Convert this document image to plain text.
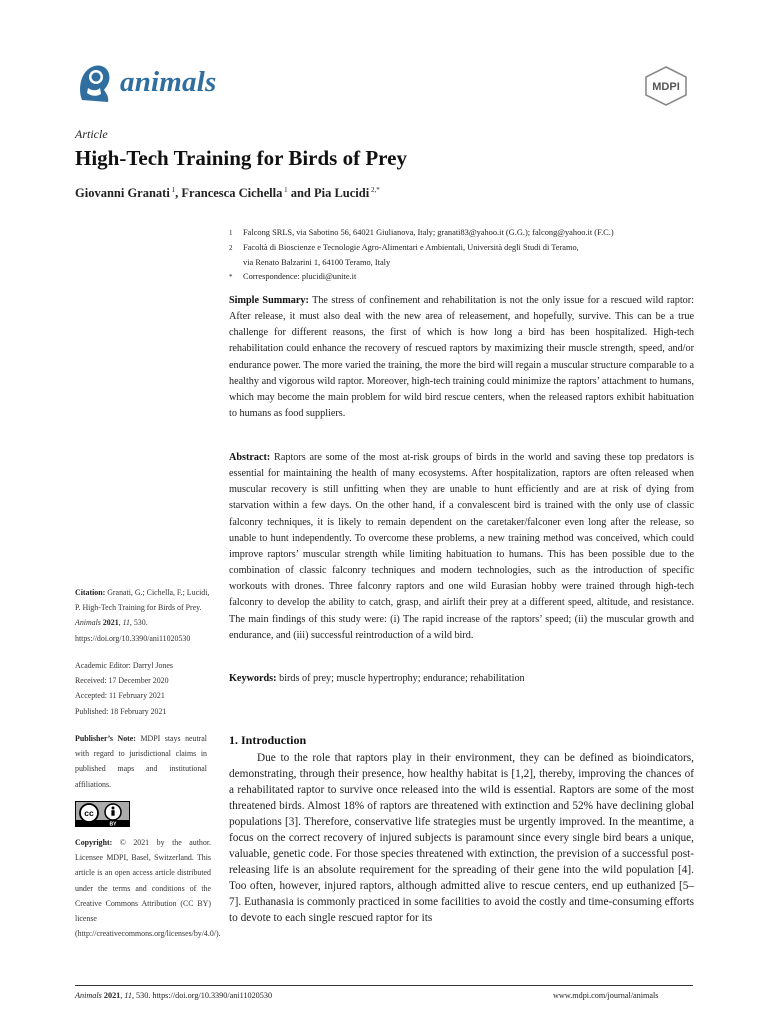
animals	MDPI
Article
High-Tech Training for Birds of Prey
Giovanni Granati $^1$, Francesca Cichella $^1$ and Pia Lucidi $^{2,*}$
1	Falcong SRLS, via Sabotino 56, 64021 Giulianova, Italy; granati83@yahoo.it (G.G.); falcong@yahoo.it (F.C.)
2	Facoltà di Bioscienze e Tecnologie Agro-Alimentari e Ambientali, Università degli Studi di Teramo,
via Renato Balzarini 1, 64100 Teramo, Italy
*	Correspondence: plucidi@unite.it
Simple Summary: The stress of confinement and rehabilitation is not the only issue for a rescued wild raptor: After release, it must also deal with the new area of releasement, and hopefully, survive. This can be a true challenge for different reasons, the first of which is how long a bird has been hospitalized. High-tech rehabilitation could enhance the recovery of rescued raptors by maximizing their muscle strength, speed, and/or endurance power. The more varied the training, the more the bird will regain a muscular structure comparable to a healthy and vigorous wild raptor. Moreover, high-tech training could minimize the raptors’ attachment to humans, which may become the main problem for wild bird rescue centers, when the released raptors exhibit habituation to humans as food suppliers.
Abstract: Raptors are some of the most at-risk groups of birds in the world and saving these top predators is essential for maintaining the health of many ecosystems. After hospitalization, raptors are often released when muscular recovery is still unfitting when they are unable to hunt efficiently and are at risk of dying from starvation within a few days. On the other hand, if a convalescent bird is trained with the only use of classic falconry techniques, it is likely to remain dependent on the caretaker/falconer even long after the release, so unable to hunt independently. To overcome these problems, a new training method was conceived, which could improve raptors’ muscular strength while limiting habituation to humans. This has been possible due to the combination of classic falconry techniques and modern technologies, such as the introduction of specific workouts with drones. Three falconry raptors and one wild Eurasian hobby were trained through high-tech falconry to develop the ability to catch, grasp, and airlift their prey at a different speed, altitude, and resistance. The main findings of this study were: (i) The rapid increase of the raptors’ speed; (ii) the muscular growth and endurance, and (iii) successful reintroduction of a wild bird.
Keywords: birds of prey; muscle hypertrophy; endurance; rehabilitation
1. Introduction
Due to the role that raptors play in their environment, they can be defined as bioindicators, demonstrating, through their presence, how healthy habitat is [1,2], thereby, improving the chances of a rehabilitated raptor to survive once released into the wild is essential. Raptors are some of the most threatened birds. Almost 18% of raptors are threatened with extinction and 52% have declining global populations [3]. Therefore, conservative life strategies must be urgently improved. In the meantime, a focus on the correct recovery of injured subjects is paramount since every single bird bears a unique, valuable, genetic code. For those species threatened with extinction, the prevision of a successful post-releasing life is an absolute requirement for the spreading of their gene into the wild population [4]. Too often, however, injured raptors, although admitted alive to rescue centers, end up euthanized [5–7]. Euthanasia is commonly practiced in some facilities to avoid the costly and time-consuming efforts to devote to each single rescued raptor for its
Citation: Granati, G.; Cichella, F.; Lucidi, P. High-Tech Training for Birds of Prey. Animals 2021, 11, 530. https://doi.org/10.3390/ani11020530
Academic Editor: Darryl Jones
Received: 17 December 2020
Accepted: 11 February 2021
Published: 18 February 2021
Publisher’s Note: MDPI stays neutral with regard to jurisdictional claims in published maps and institutional affiliations.
cc
BY
Copyright: © 2021 by the author. Licensee MDPI, Basel, Switzerland. This article is an open access article distributed under the terms and conditions of the Creative Commons Attribution (CC BY) license (http://creativecommons.org/licenses/by/4.0/).
Animals 2021, 11, 530. https://doi.org/10.3390/ani11020530	www.mdpi.com/journal/animals
